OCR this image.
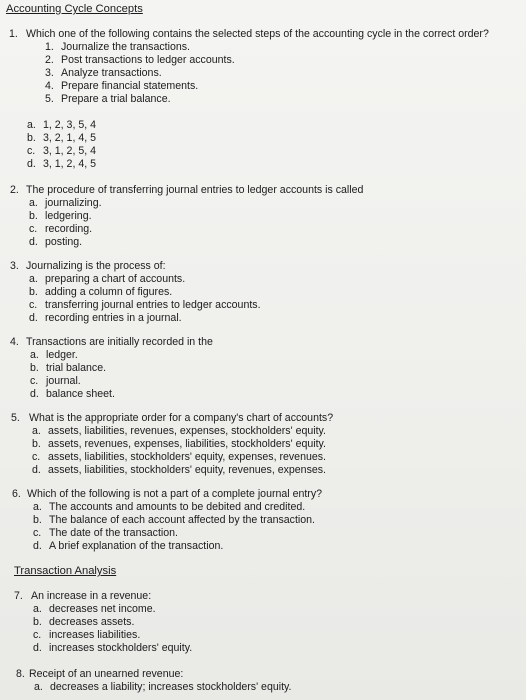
Accounting Cycle Concepts
1. Which one of the following contains the selected steps of the accounting cycle in the correct order?
1. Journalize the transactions.
2. Post transactions to ledger accounts.
3. Analyze transactions.
4. Prepare financial statements.
5. Prepare a trial balance.
a. 1, 2, 3, 5, 4
b. 3, 2, 1, 4, 5
c. 3, 1, 2, 5, 4
d. 3, 1, 2, 4, 5
2. The procedure of transferring journal entries to ledger accounts is called
a. journalizing.
b. ledgering.
c. recording.
d. posting.
3. Journalizing is the process of:
a. preparing a chart of accounts.
b. adding a column of figures.
c. transferring journal entries to ledger accounts.
d. recording entries in a journal.
4. Transactions are initially recorded in the
a. ledger.
b. trial balance.
c. journal.
d. balance sheet.
5. What is the appropriate order for a company's chart of accounts?
a. assets, liabilities, revenues, expenses, stockholders' equity.
b. assets, revenues, expenses, liabilities, stockholders' equity.
c. assets, liabilities, stockholders' equity, expenses, revenues.
d. assets, liabilities, stockholders' equity, revenues, expenses.
6. Which of the following is not a part of a complete journal entry?
a. The accounts and amounts to be debited and credited.
b. The balance of each account affected by the transaction.
c. The date of the transaction.
d. A brief explanation of the transaction.
Transaction Analysis
7. An increase in a revenue:
a. decreases net income.
b. decreases assets.
c. increases liabilities.
d. increases stockholders' equity.
8. Receipt of an unearned revenue:
a. decreases a liability; increases stockholders' equity.
